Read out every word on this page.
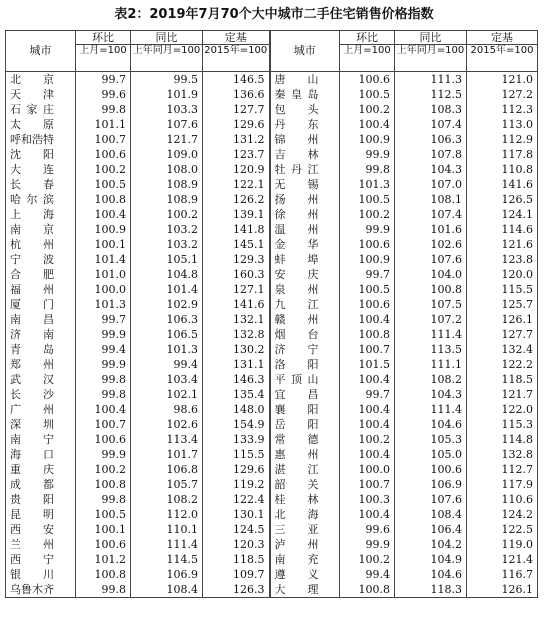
表2：2019年7月70个大中城市二手住宅销售价格指数
城市	环比	同比	定基	城市	环比	同比	定基
	上月=100	上年同月=100	2015年=100		上月=100	上年同月=100	2015年=100
北　　京	99.7	99.5	146.5	唐　　山	100.6	111.3	121.0
天　　津	99.6	101.9	136.6	秦 皇 岛	100.5	112.5	127.2
石 家 庄	99.8	103.3	127.7	包　　头	100.2	108.3	112.3
太　　原	101.1	107.6	129.6	丹　　东	100.4	107.4	113.0
呼和浩特	100.7	121.7	131.2	锦　　州	100.9	106.3	112.9
沈　　阳	100.6	109.0	123.7	吉　　林	99.9	107.8	117.8
大　　连	100.2	108.0	120.9	牡 丹 江	99.8	104.3	110.8
长　　春	100.5	108.9	122.1	无　　锡	101.3	107.0	141.6
哈 尔 滨	100.8	108.9	126.2	扬　　州	100.5	108.1	126.5
上　　海	100.4	100.2	139.1	徐　　州	100.2	107.4	124.1
南　　京	100.9	103.2	141.8	温　　州	99.9	101.6	114.6
杭　　州	100.1	103.2	145.1	金　　华	100.6	102.6	121.6
宁　　波	101.4	105.1	129.3	蚌　　埠	100.9	107.6	123.8
合　　肥	101.0	104.8	160.3	安　　庆	99.7	104.0	120.0
福　　州	100.0	101.4	127.1	泉　　州	100.5	100.8	115.5
厦　　门	101.3	102.9	141.6	九　　江	100.6	107.5	125.7
南　　昌	99.7	106.3	132.1	赣　　州	100.4	107.2	126.1
济　　南	99.9	106.5	132.8	烟　　台	100.8	111.4	127.7
青　　岛	99.4	101.3	130.2	济　　宁	100.7	113.5	132.4
郑　　州	99.9	99.4	131.1	洛　　阳	101.5	111.1	122.2
武　　汉	99.8	103.4	146.3	平 顶 山	100.4	108.2	118.5
长　　沙	99.8	102.1	135.4	宜　　昌	99.7	104.3	121.7
广　　州	100.4	98.6	148.0	襄　　阳	100.4	111.4	122.0
深　　圳	100.7	102.6	154.9	岳　　阳	100.4	104.6	115.3
南　　宁	100.6	113.4	133.9	常　　德	100.2	105.3	114.8
海　　口	99.9	101.7	115.5	惠　　州	100.4	105.0	132.8
重　　庆	100.2	106.8	129.6	湛　　江	100.0	100.6	112.7
成　　都	100.8	105.7	119.2	韶　　关	100.7	106.9	117.9
贵　　阳	99.8	108.2	122.4	桂　　林	100.3	107.6	110.6
昆　　明	100.5	112.0	130.1	北　　海	100.4	108.4	124.2
西　　安	100.1	110.1	124.5	三　　亚	99.6	106.4	122.5
兰　　州	100.6	111.4	120.3	泸　　州	99.9	104.2	119.0
西　　宁	101.2	114.5	118.5	南　　充	100.2	104.9	121.4
银　　川	100.8	106.9	109.7	遵　　义	99.4	104.6	116.7
乌鲁木齐	99.8	108.4	126.3	大　　理	100.8	118.3	126.1
